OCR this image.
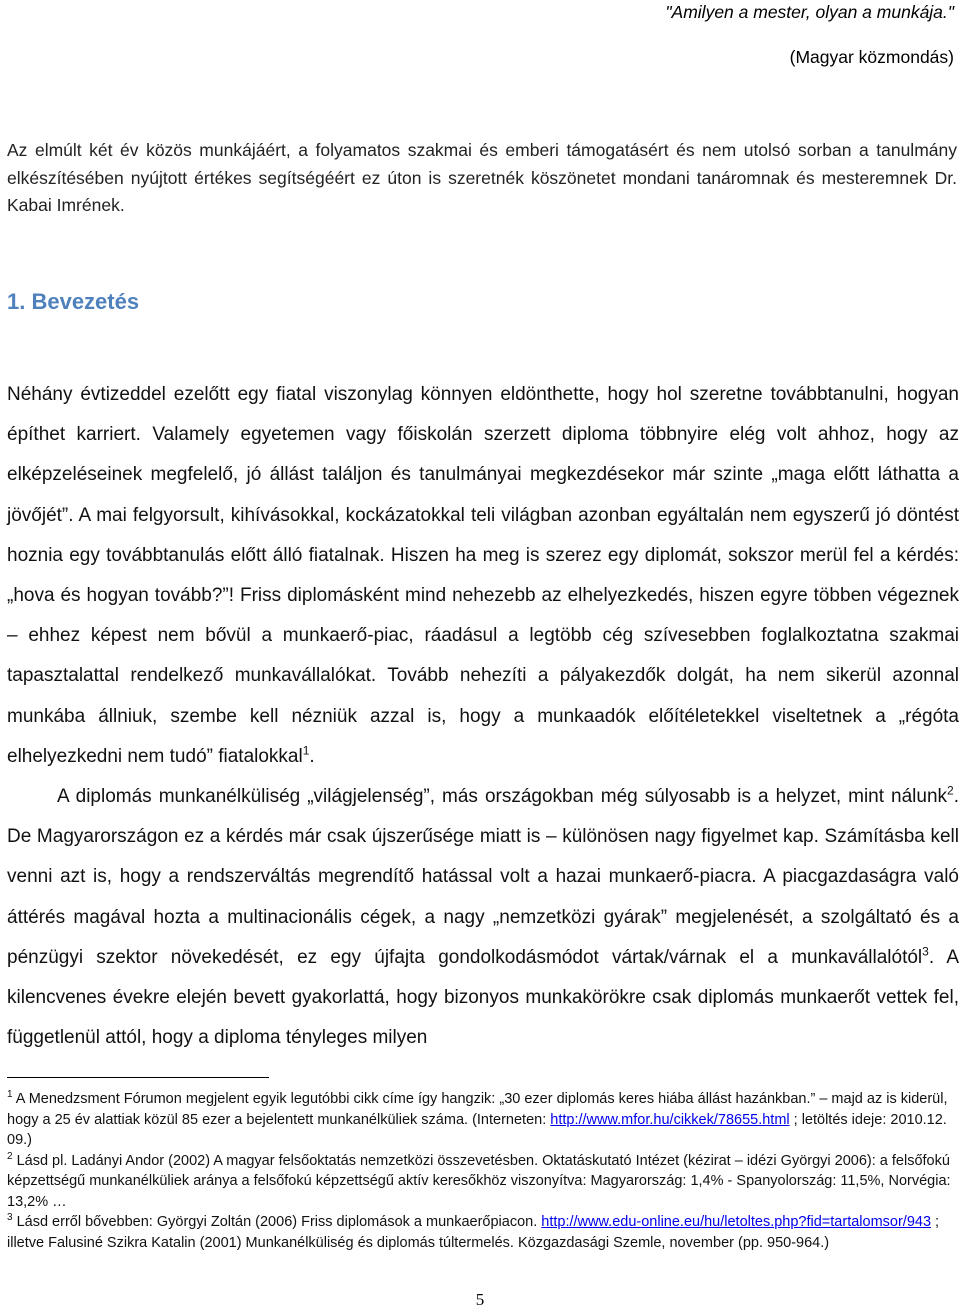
"Amilyen a mester, olyan a munkája."
(Magyar közmondás)
Az elmúlt két év közös munkájáért, a folyamatos szakmai és emberi támogatásért és nem utolsó sorban a tanulmány elkészítésében nyújtott értékes segítségéért ez úton is szeretnék köszönetet mondani tanáromnak és mesteremnek Dr. Kabai Imrének.
1. Bevezetés

Néhány évtizeddel ezelőtt egy fiatal viszonylag könnyen eldönthette, hogy hol szeretne továbbtanulni, hogyan építhet karriert. Valamely egyetemen vagy főiskolán szerzett diploma többnyire elég volt ahhoz, hogy az elképzeléseinek megfelelő, jó állást találjon és tanulmányai megkezdésekor már szinte „maga előtt láthatta a jövőjét”. A mai felgyorsult, kihívásokkal, kockázatokkal teli világban azonban egyáltalán nem egyszerű jó döntést hoznia egy továbbtanulás előtt álló fiatalnak. Hiszen ha meg is szerez egy diplomát, sokszor merül fel a kérdés: „hova és hogyan tovább?”! Friss diplomásként mind nehezebb az elhelyezkedés, hiszen egyre többen végeznek – ehhez képest nem bővül a munkaerő-piac, ráadásul a legtöbb cég szívesebben foglalkoztatna szakmai tapasztalattal rendelkező munkavállalókat. Tovább nehezíti a pályakezdők dolgát, ha nem sikerül azonnal munkába állniuk, szembe kell nézniük azzal is, hogy a munkaadók előítéletekkel viseltetnek a „régóta elhelyezkedni nem tudó” fiatalokkal$^1$.

A diplomás munkanélküliség „világjelenség”, más országokban még súlyosabb is a helyzet, mint nálunk$^2$. De Magyarországon ez a kérdés már csak újszerűsége miatt is – különösen nagy figyelmet kap. Számításba kell venni azt is, hogy a rendszerváltás megrendítő hatással volt a hazai munkaerő-piacra. A piacgazdaságra való áttérés magával hozta a multinacionális cégek, a nagy „nemzetközi gyárak” megjelenését, a szolgáltató és a pénzügyi szektor növekedését, ez egy újfajta gondolkodásmódot vártak/várnak el a munkavállalótól$^3$. A kilencvenes évekre elején bevett gyakorlattá, hogy bizonyos munkakörökre csak diplomás munkaerőt vettek fel, függetlenül attól, hogy a diploma tényleges milyen

$^1$ A Menedzsment Fórumon megjelent egyik legutóbbi cikk címe így hangzik: „30 ezer diplomás keres hiába állást hazánkban.” – majd az is kiderül, hogy a 25 év alattiak közül 85 ezer a bejelentett munkanélküliek száma. (Interneten: http://www.mfor.hu/cikkek/78655.html ; letöltés ideje: 2010.12. 09.)

$^2$ Lásd pl. Ladányi Andor (2002) A magyar felsőoktatás nemzetközi összevetésben. Oktatáskutató Intézet (kézirat – idézi Györgyi 2006): a felsőfokú képzettségű munkanélküliek aránya a felsőfokú képzettségű aktív keresőkhöz viszonyítva: Magyarország: 1,4% - Spanyolország: 11,5%, Norvégia: 13,2% …

$^3$ Lásd erről bővebben: Györgyi Zoltán (2006) Friss diplomások a munkaerőpiacon. http://www.edu-online.eu/hu/letoltes.php?fid=tartalomsor/943 ; illetve Falusiné Szikra Katalin (2001) Munkanélküliség és diplomás túltermelés. Közgazdasági Szemle, november (pp. 950-964.)

5
